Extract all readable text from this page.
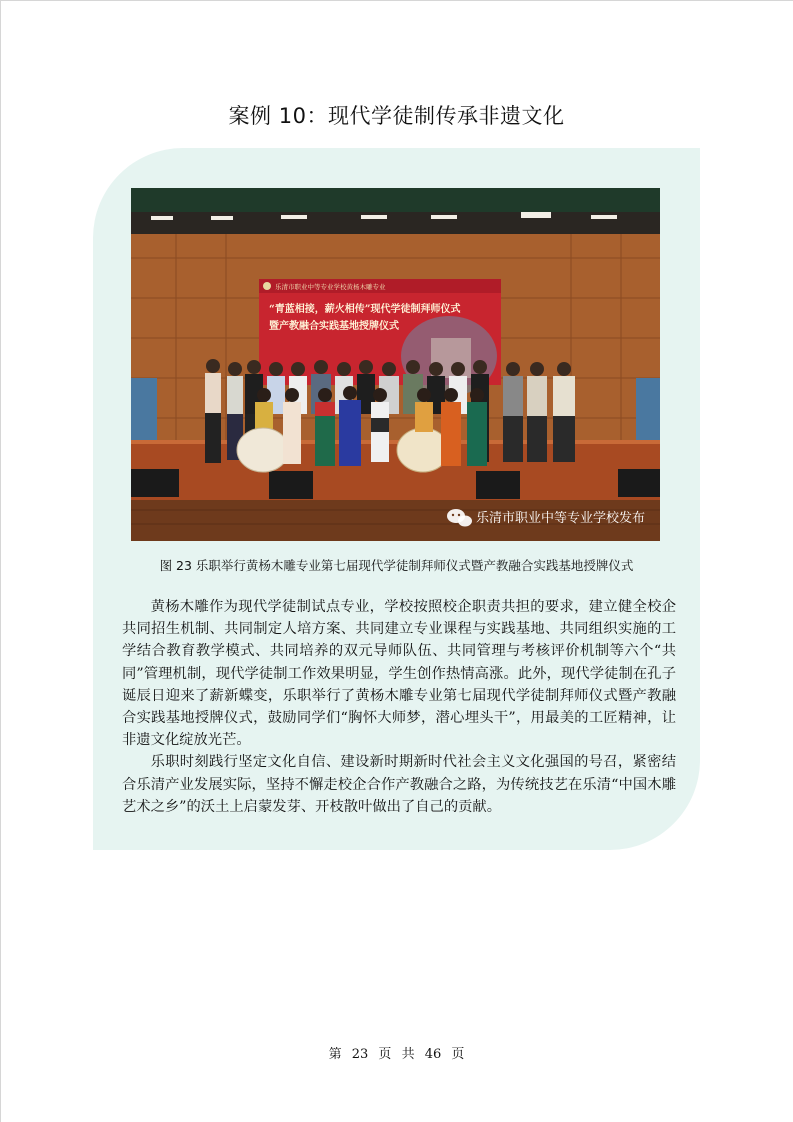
案例 10：现代学徒制传承非遗文化
乐清市职业中等专业学校黄杨木雕专业
“青蓝相接，薪火相传”现代学徒制拜师仪式
暨产教融合实践基地授牌仪式
乐清市职业中等专业学校发布
图 23 乐职举行黄杨木雕专业第七届现代学徒制拜师仪式暨产教融合实践基地授牌仪式

黄杨木雕作为现代学徒制试点专业，学校按照校企职责共担的要求，建立健全校企共同招生机制、共同制定人培方案、共同建立专业课程与实践基地、共同组织实施的工学结合教育教学模式、共同培养的双元导师队伍、共同管理与考核评价机制等六个“共同”管理机制，现代学徒制工作效果明显，学生创作热情高涨。此外，现代学徒制在孔子诞辰日迎来了薪新蝶变，乐职举行了黄杨木雕专业第七届现代学徒制拜师仪式暨产教融合实践基地授牌仪式，鼓励同学们“胸怀大师梦，潜心埋头干”，用最美的工匠精神，让非遗文化绽放光芒。

乐职时刻践行坚定文化自信、建设新时期新时代社会主义文化强国的号召，紧密结合乐清产业发展实际，坚持不懈走校企合作产教融合之路，为传统技艺在乐清“中国木雕艺术之乡”的沃土上启蒙发芽、开枝散叶做出了自己的贡献。

第 23 页 共 46 页
